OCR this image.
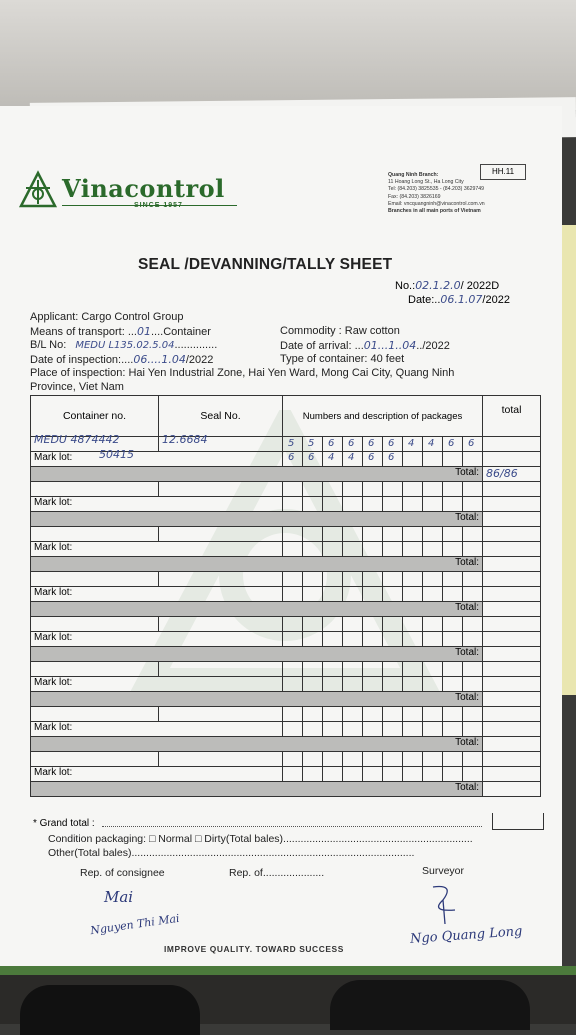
Vinacontrol
SINCE 1957
HH.11
Quang Ninh Branch:
11 Hoang Long St., Ha Long City
Tel: (84.203) 3825535 - (84.203) 3629749
Fax: (84.203) 3826169
Email: vncquangninh@vinacontrol.com.vn
Branches in all main ports of Vietnam
SEAL /DEVANNING/TALLY SHEET
No.:02.1.2.0/ 2022D
Date:..06.1.07/2022
Applicant: Cargo Control Group
Means of transport: ...01....Container
B/L No: MEDU L135.02.5.04..............
Date of inspection:....06....1.04/2022
Commodity : Raw cotton
Date of arrival: ...01...1..04../2022
Type of container: 40 feet
Place of inspection: Hai Yen Industrial Zone, Hai Yen Ward, Mong Cai City, Quang Ninh
Province, Viet Nam
Container no.	Seal No.	Numbers and description of packages										total

MEDU 4874442	12.6684	5	5	6	6	6	6	4	4	6	6	

Mark lot: 50415		6	6	4	4	6	6					

Total:												86/86

Mark lot:												

Total:												

Mark lot:												

Total:												

Mark lot:												

Total:												

Mark lot:												

Total:												

Mark lot:												

Total:												

Mark lot:												

Total:												

Mark lot:												

Total:												

* Grand total :
Condition packaging: □ Normal □ Dirty(Total bales).................................................................
Other(Total bales).................................................................................................
Rep. of consignee	Rep. of.....................	Surveyor
Mai
Nguyen Thi Mai	Ngo Quang Long
IMPROVE QUALITY. TOWARD SUCCESS
